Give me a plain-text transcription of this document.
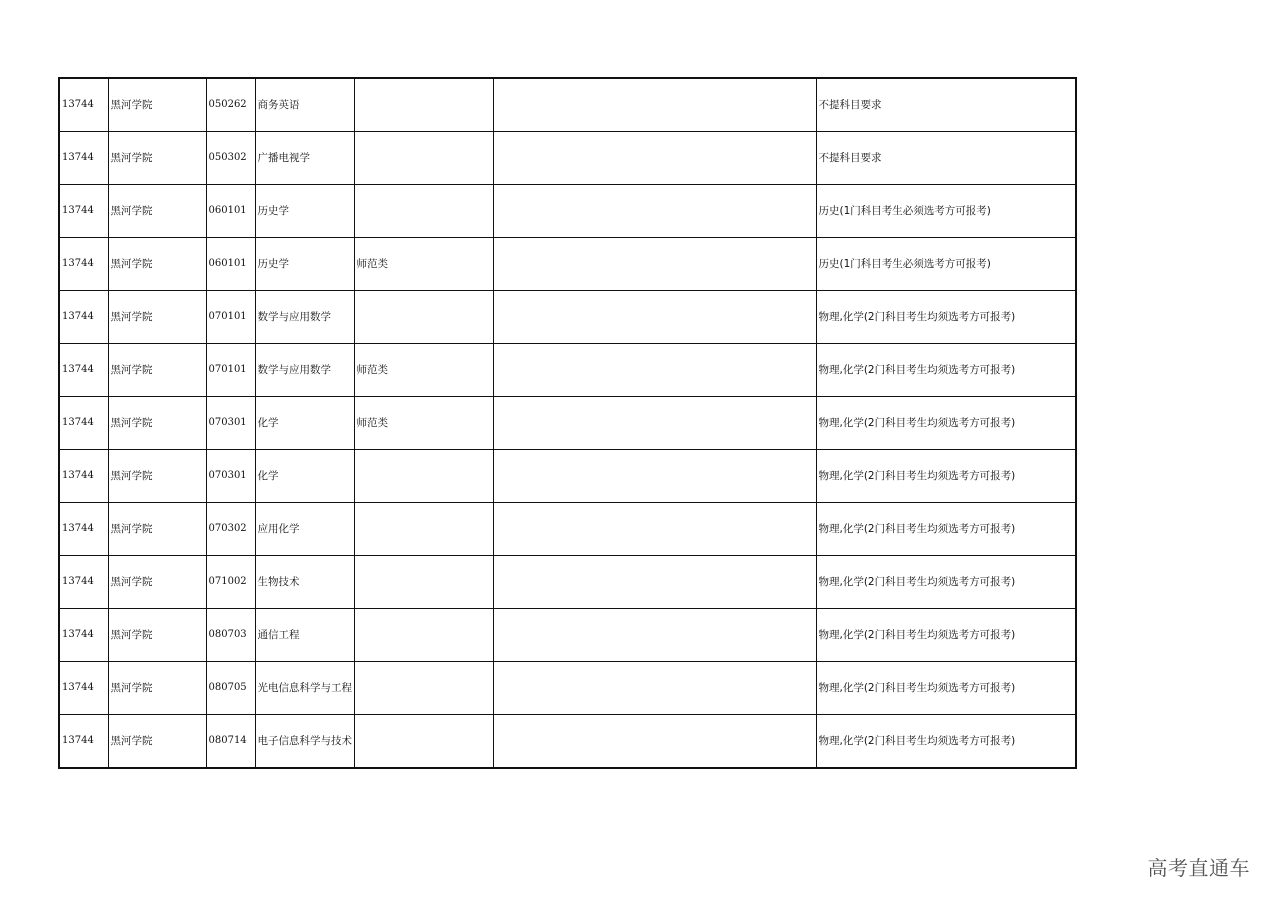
13744	黑河学院	050262	商务英语			不提科目要求
13744	黑河学院	050302	广播电视学			不提科目要求
13744	黑河学院	060101	历史学			历史(1门科目考生必须选考方可报考)
13744	黑河学院	060101	历史学	师范类		历史(1门科目考生必须选考方可报考)
13744	黑河学院	070101	数学与应用数学			物理,化学(2门科目考生均须选考方可报考)
13744	黑河学院	070101	数学与应用数学	师范类		物理,化学(2门科目考生均须选考方可报考)
13744	黑河学院	070301	化学	师范类		物理,化学(2门科目考生均须选考方可报考)
13744	黑河学院	070301	化学			物理,化学(2门科目考生均须选考方可报考)
13744	黑河学院	070302	应用化学			物理,化学(2门科目考生均须选考方可报考)
13744	黑河学院	071002	生物技术			物理,化学(2门科目考生均须选考方可报考)
13744	黑河学院	080703	通信工程			物理,化学(2门科目考生均须选考方可报考)
13744	黑河学院	080705	光电信息科学与工程			物理,化学(2门科目考生均须选考方可报考)
13744	黑河学院	080714	电子信息科学与技术			物理,化学(2门科目考生均须选考方可报考)
高考直通车
